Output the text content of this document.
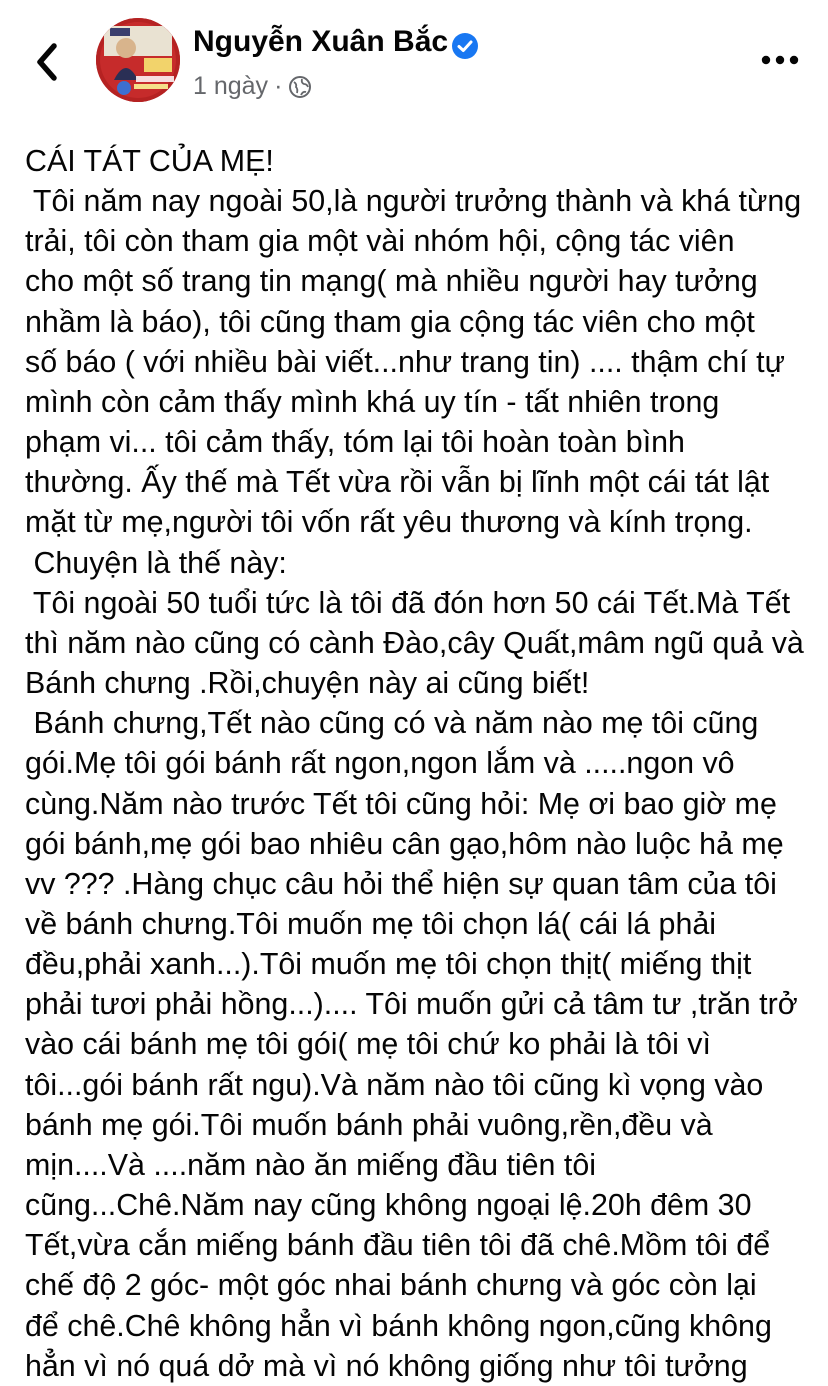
Nguyễn Xuân Bắc
1 ngày ·

CÁI TÁT CỦA MẸ!

Tôi năm nay ngoài 50,là người trưởng thành và khá từng

trải, tôi còn tham gia một vài nhóm hội, cộng tác viên

cho một số trang tin mạng( mà nhiều người hay tưởng

nhầm là báo), tôi cũng tham gia cộng tác viên cho một

số báo ( với nhiều bài viết...như trang tin) .... thậm chí tự

mình còn cảm thấy mình khá uy tín - tất nhiên trong

phạm vi... tôi cảm thấy, tóm lại tôi hoàn toàn bình

thường. Ấy thế mà Tết vừa rồi vẫn bị lĩnh một cái tát lật

mặt từ mẹ,người tôi vốn rất yêu thương và kính trọng.

Chuyện là thế này:

Tôi ngoài 50 tuổi tức là tôi đã đón hơn 50 cái Tết.Mà Tết

thì năm nào cũng có cành Đào,cây Quất,mâm ngũ quả và

Bánh chưng .Rồi,chuyện này ai cũng biết!

Bánh chưng,Tết nào cũng có và năm nào mẹ tôi cũng

gói.Mẹ tôi gói bánh rất ngon,ngon lắm và .....ngon vô

cùng.Năm nào trước Tết tôi cũng hỏi: Mẹ ơi bao giờ mẹ

gói bánh,mẹ gói bao nhiêu cân gạo,hôm nào luộc hả mẹ

vv ??? .Hàng chục câu hỏi thể hiện sự quan tâm của tôi

về bánh chưng.Tôi muốn mẹ tôi chọn lá( cái lá phải

đều,phải xanh...).Tôi muốn mẹ tôi chọn thịt( miếng thịt

phải tươi phải hồng...).... Tôi muốn gửi cả tâm tư ,trăn trở

vào cái bánh mẹ tôi gói( mẹ tôi chứ ko phải là tôi vì

tôi...gói bánh rất ngu).Và năm nào tôi cũng kì vọng vào

bánh mẹ gói.Tôi muốn bánh phải vuông,rền,đều và

mịn....Và ....năm nào ăn miếng đầu tiên tôi

cũng...Chê.Năm nay cũng không ngoại lệ.20h đêm 30

Tết,vừa cắn miếng bánh đầu tiên tôi đã chê.Mồm tôi để

chế độ 2 góc- một góc nhai bánh chưng và góc còn lại

để chê.Chê không hẳn vì bánh không ngon,cũng không

hẳn vì nó quá dở mà vì nó không giống như tôi tưởng
